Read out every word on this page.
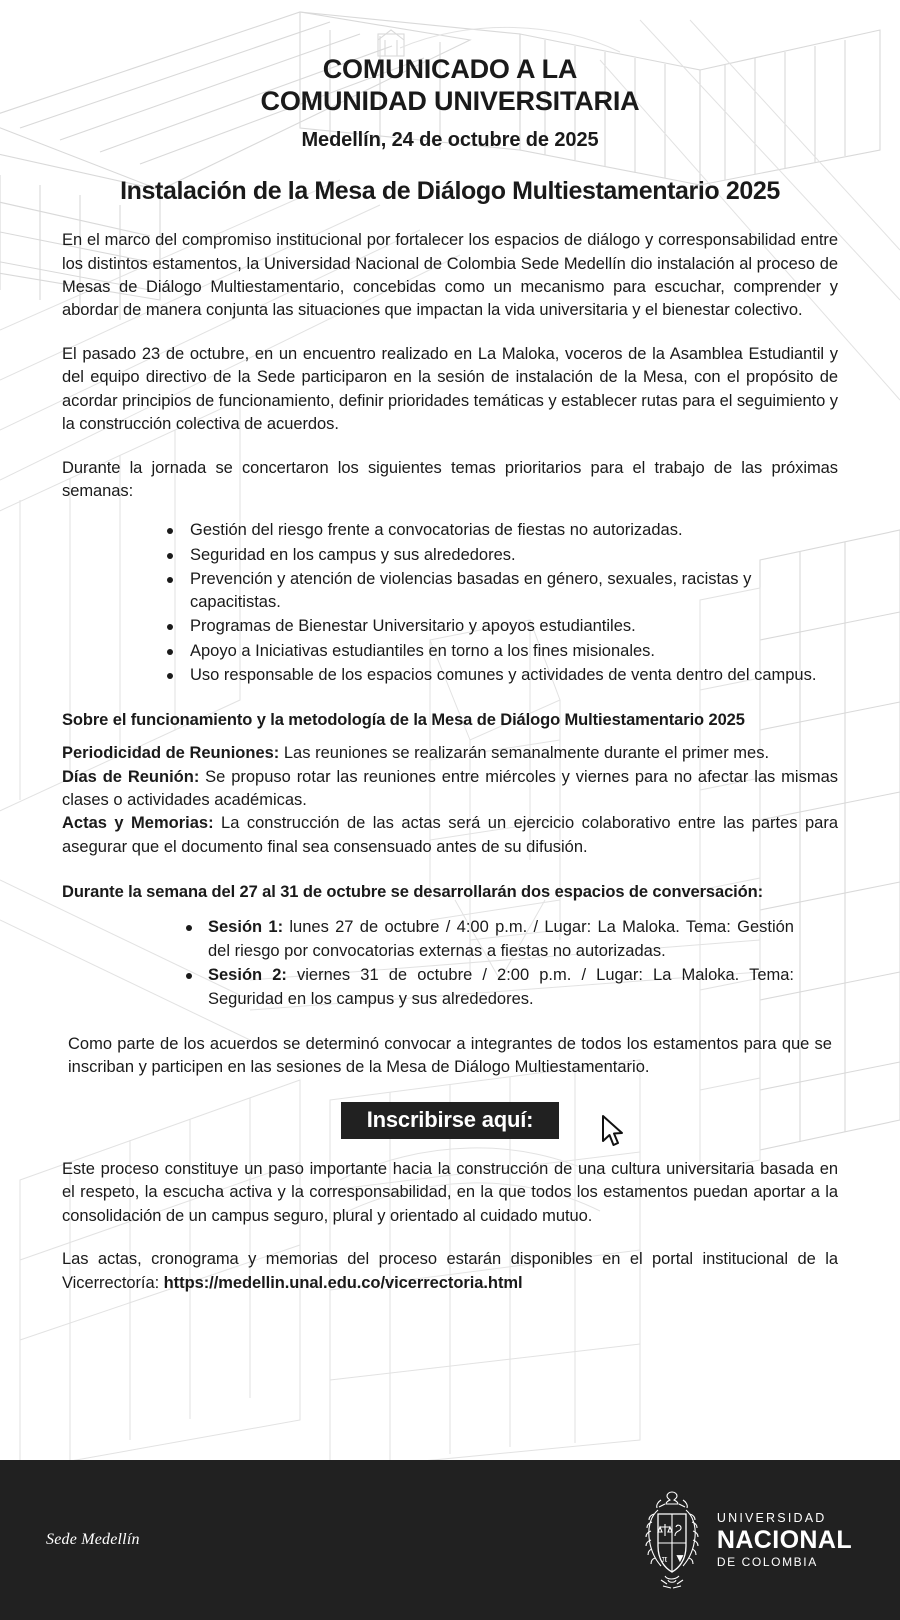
COMUNICADO A LA
COMUNIDAD UNIVERSITARIA
Medellín, 24 de octubre de 2025
Instalación de la Mesa de Diálogo Multiestamentario 2025

En el marco del compromiso institucional por fortalecer los espacios de diálogo y corresponsabilidad entre los distintos estamentos, la Universidad Nacional de Colombia Sede Medellín dio instalación al proceso de Mesas de Diálogo Multiestamentario, concebidas como un mecanismo para escuchar, comprender y abordar de manera conjunta las situaciones que impactan la vida universitaria y el bienestar colectivo.

El pasado 23 de octubre, en un encuentro realizado en La Maloka, voceros de la Asamblea Estudiantil y del equipo directivo de la Sede participaron en la sesión de instalación de la Mesa, con el propósito de acordar principios de funcionamiento, definir prioridades temáticas y establecer rutas para el seguimiento y la construcción colectiva de acuerdos.

Durante la jornada se concertaron los siguientes temas prioritarios para el trabajo de las próximas semanas:

Gestión del riesgo frente a convocatorias de fiestas no autorizadas.
Seguridad en los campus y sus alrededores.
Prevención y atención de violencias basadas en género, sexuales, racistas y capacitistas.
Programas de Bienestar Universitario y apoyos estudiantiles.
Apoyo a Iniciativas estudiantiles en torno a los fines misionales.
Uso responsable de los espacios comunes y actividades de venta dentro del campus.
Sobre el funcionamiento y la metodología de la Mesa de Diálogo Multiestamentario 2025
Periodicidad de Reuniones: Las reuniones se realizarán semanalmente durante el primer mes.
Días de Reunión: Se propuso rotar las reuniones entre miércoles y viernes para no afectar las mismas clases o actividades académicas.
Actas y Memorias: La construcción de las actas será un ejercicio colaborativo entre las partes para asegurar que el documento final sea consensuado antes de su difusión.
Durante la semana del 27 al 31 de octubre se desarrollarán dos espacios de conversación:
Sesión 1: lunes 27 de octubre / 4:00 p.m. / Lugar: La Maloka. Tema: Gestión del riesgo por convocatorias externas a fiestas no autorizadas.
Sesión 2: viernes 31 de octubre / 2:00 p.m. / Lugar: La Maloka. Tema: Seguridad en los campus y sus alrededores.

Como parte de los acuerdos se determinó convocar a integrantes de todos los estamentos para que se inscriban y participen en las sesiones de la Mesa de Diálogo Multiestamentario.

Inscribirse aquí:

Este proceso constituye un paso importante hacia la construcción de una cultura universitaria basada en el respeto, la escucha activa y la corresponsabilidad, en la que todos los estamentos puedan aportar a la consolidación de un campus seguro, plural y orientado al cuidado mutuo.

Las actas, cronograma y memorias del proceso estarán disponibles en el portal institucional de la Vicerrectoría: https://medellin.unal.edu.co/vicerrectoria.html

Sede Medellín
π ▼
UNIVERSIDAD
NACIONAL
DE COLOMBIA
